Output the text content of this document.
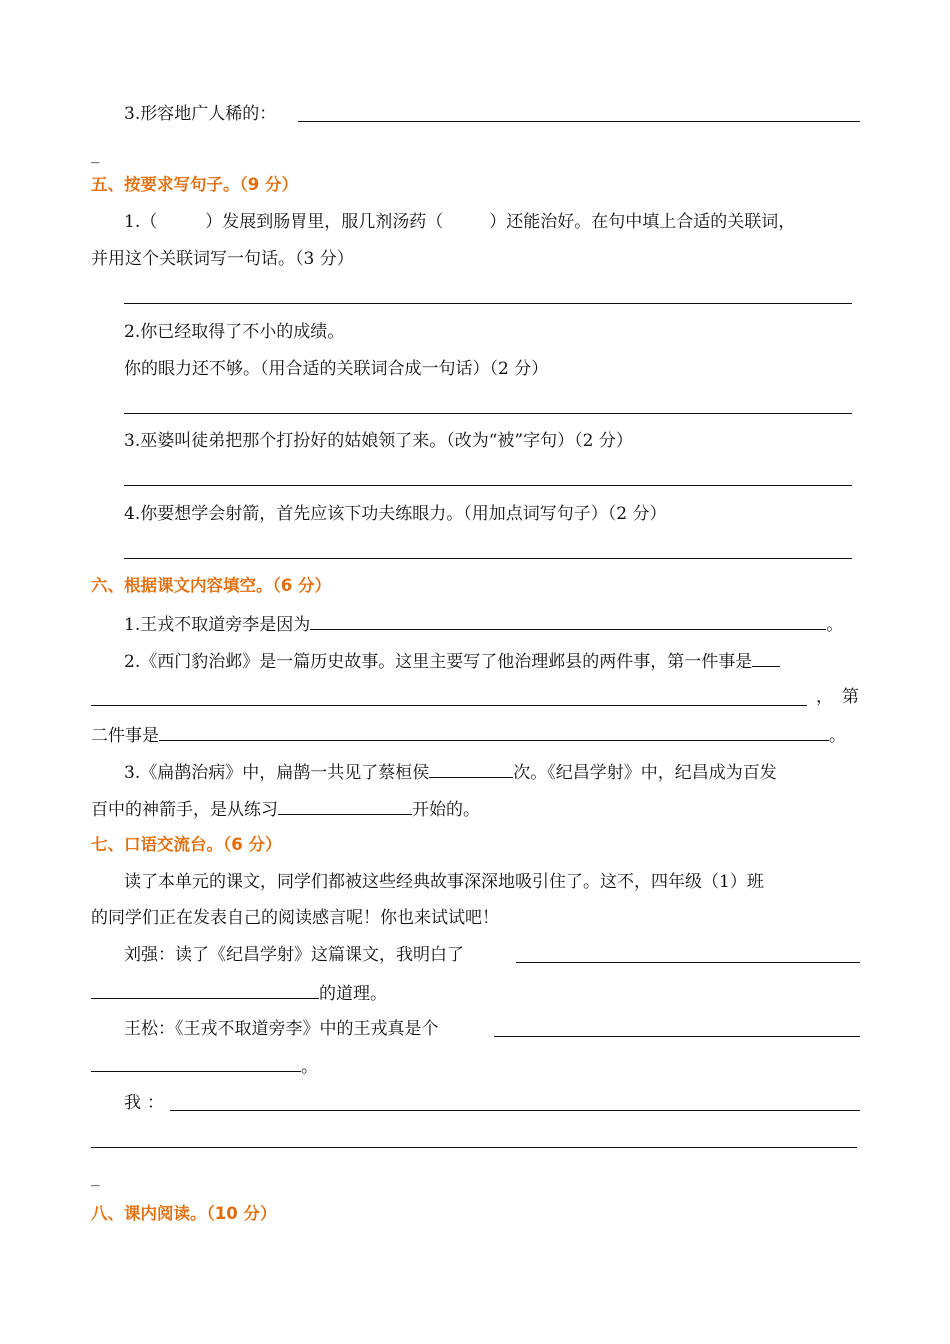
3.形容地广人稀的：
_
五、按要求写句子。（9 分）
1.（	）发展到肠胃里，服几剂汤药（	）还能治好。在句中填上合适的关联词，
并用这个关联词写一句话。（3 分）
2.你已经取得了不小的成绩。
你的眼力还不够。（用合适的关联词合成一句话）（2 分）
3.巫婆叫徒弟把那个打扮好的姑娘领了来。（改为“被”字句）（2 分）
4.你要想学会射箭，首先应该下功夫练眼力。（用加点词写句子）（2 分）
六、根据课文内容填空。（6 分）
1.王戎不取道旁李是因为	。
2.《西门豹治邺》是一篇历史故事。这里主要写了他治理邺县的两件事，第一件事是
， 第
二件事是	。
3.《扁鹊治病》中，扁鹊一共见了蔡桓侯	次。《纪昌学射》中，纪昌成为百发
百中的神箭手，是从练习	开始的。
七、口语交流台。（6 分）
读了本单元的课文，同学们都被这些经典故事深深地吸引住了。这不，四年级（1）班
的同学们正在发表自己的阅读感言呢！你也来试试吧！
刘强：读了《纪昌学射》这篇课文，我明白了
的道理。
王松：《王戎不取道旁李》中的王戎真是个
。
我：
_
八、课内阅读。（10 分）
